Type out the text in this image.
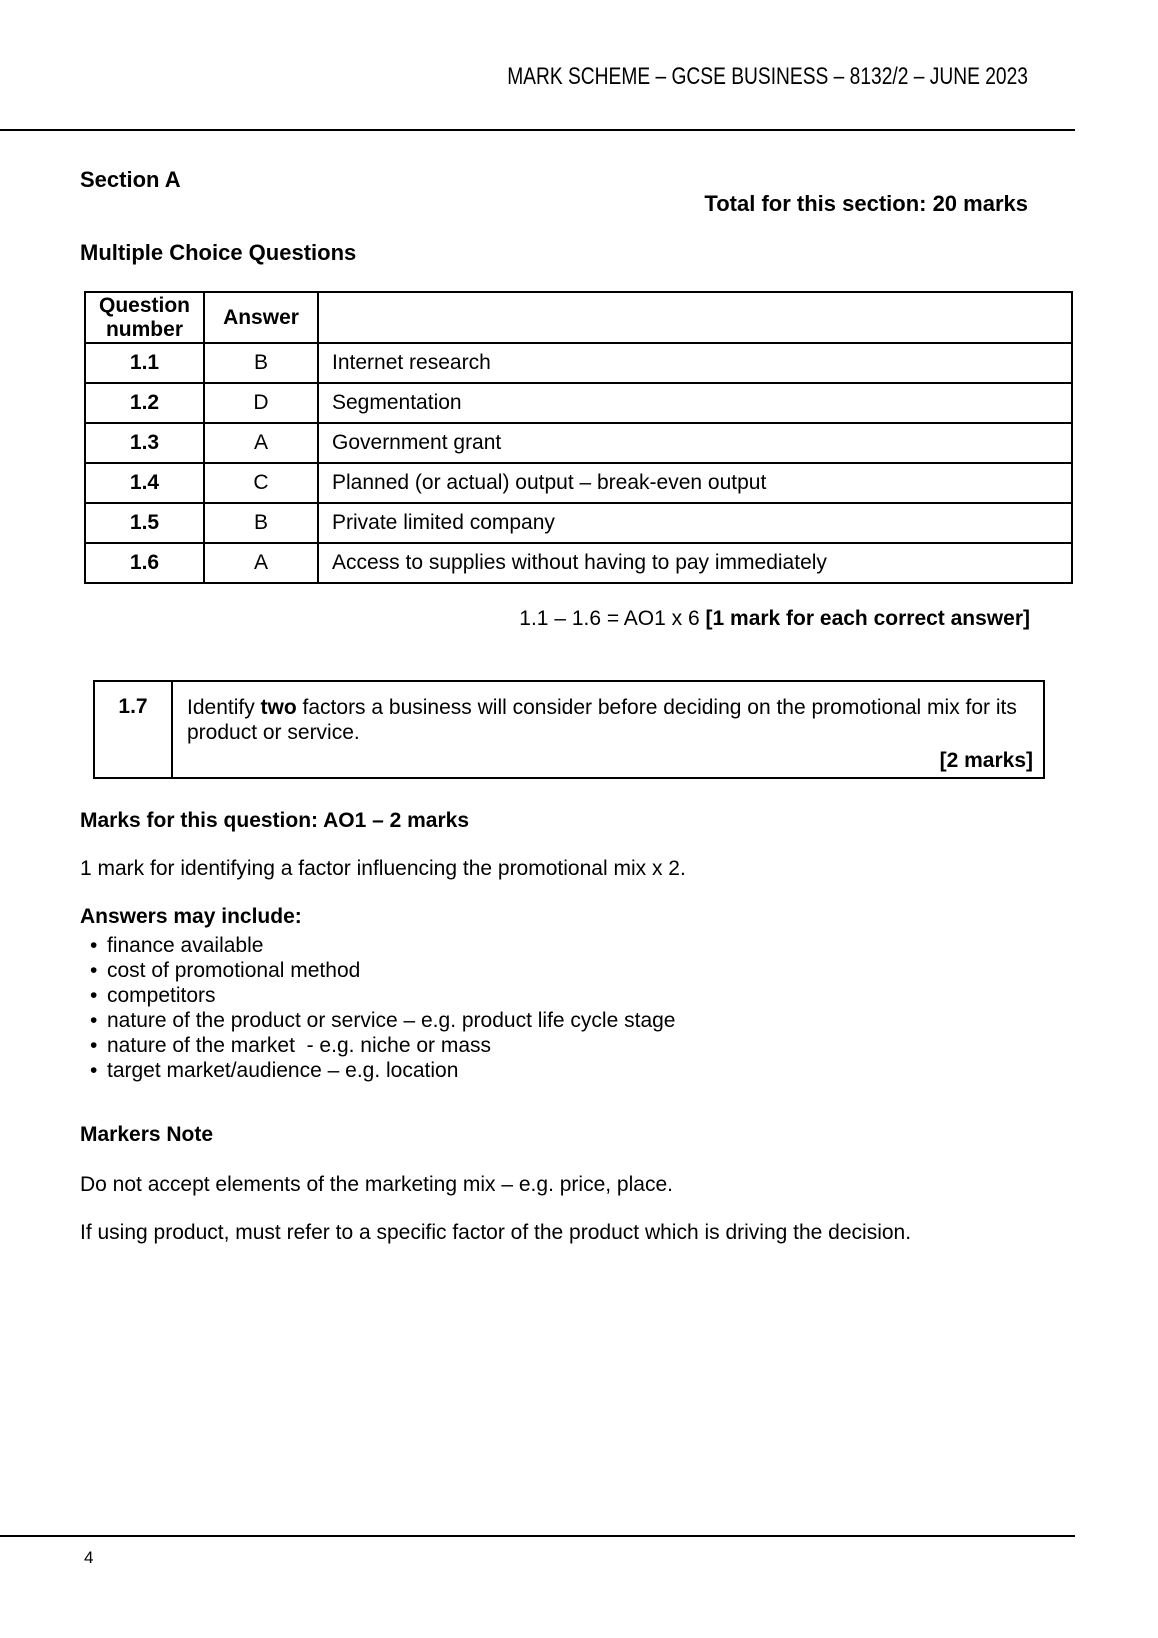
MARK SCHEME – GCSE BUSINESS – 8132/2 – JUNE 2023
Section A
Total for this section: 20 marks
Multiple Choice Questions
Question number	Answer	
1.1	B	Internet research
1.2	D	Segmentation
1.3	A	Government grant
1.4	C	Planned (or actual) output – break-even output
1.5	B	Private limited company
1.6	A	Access to supplies without having to pay immediately
1.1 – 1.6 = AO1 x 6 [1 mark for each correct answer]
1.7	Identify two factors a business will consider before deciding on the promotional mix for its product or service.
[2 marks]
Marks for this question: AO1 – 2 marks

1 mark for identifying a factor influencing the promotional mix x 2.

Answers may include:
• finance available
• cost of promotional method
• competitors
• nature of the product or service – e.g. product life cycle stage
• nature of the market  - e.g. niche or mass
• target market/audience – e.g. location
Markers Note

Do not accept elements of the marketing mix – e.g. price, place.

If using product, must refer to a specific factor of the product which is driving the decision.

4
